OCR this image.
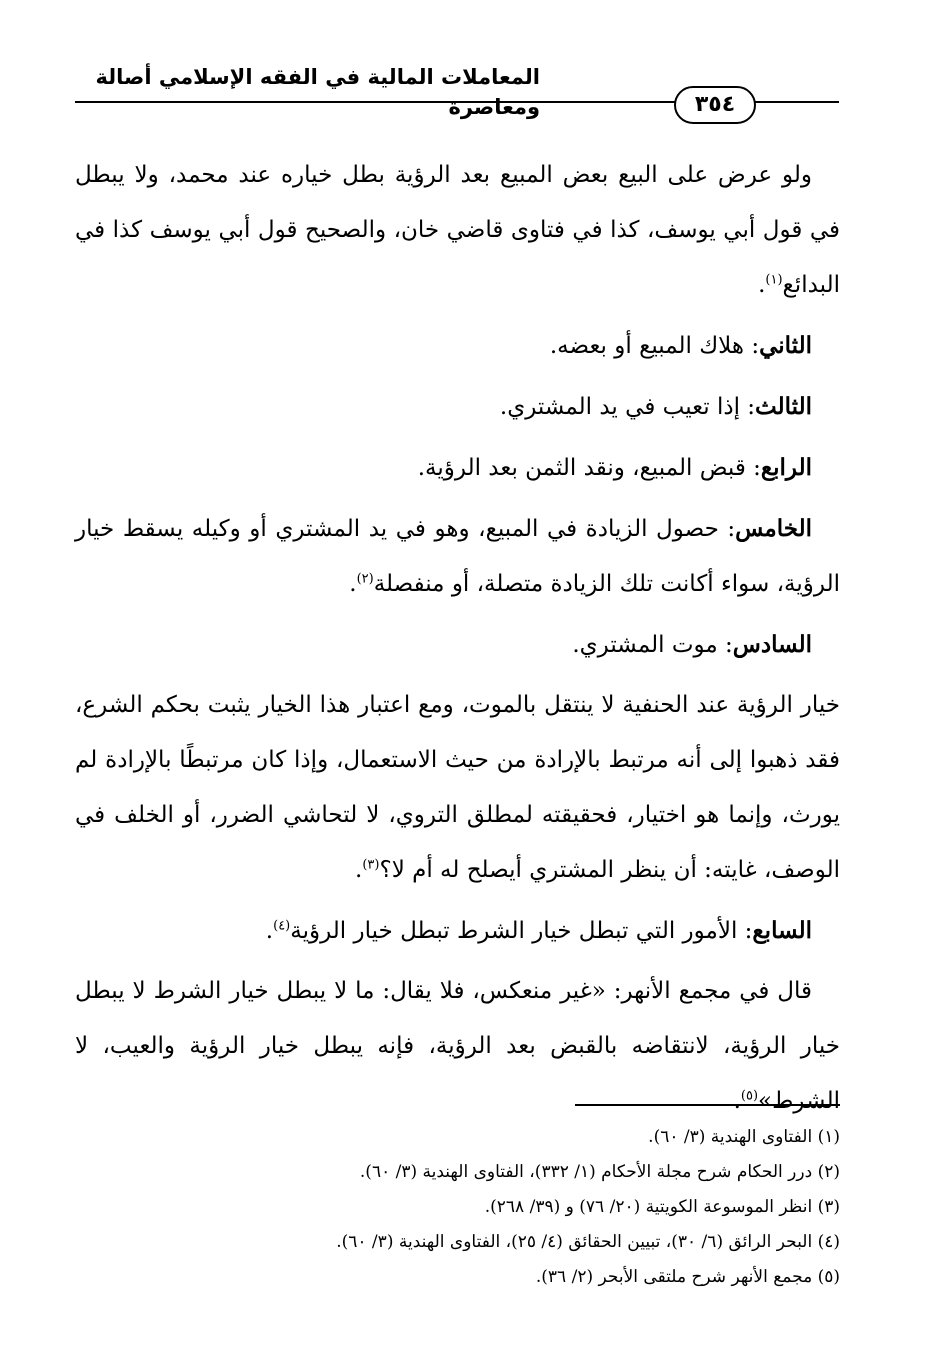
المعاملات المالية في الفقه الإسلامي أصالة ومعاصرة	٣٥٤

ولو عرض على البيع بعض المبيع بعد الرؤية بطل خياره عند محمد، ولا يبطل في قول أبي يوسف، كذا في فتاوى قاضي خان، والصحيح قول أبي يوسف كذا في البدائع$^{(١)}$.

الثاني: هلاك المبيع أو بعضه.

الثالث: إذا تعيب في يد المشتري.

الرابع: قبض المبيع، ونقد الثمن بعد الرؤية.

الخامس: حصول الزيادة في المبيع، وهو في يد المشتري أو وكيله يسقط خيار الرؤية، سواء أكانت تلك الزيادة متصلة، أو منفصلة$^{(٢)}$.

السادس: موت المشتري.

خيار الرؤية عند الحنفية لا ينتقل بالموت، ومع اعتبار هذا الخيار يثبت بحكم الشرع، فقد ذهبوا إلى أنه مرتبط بالإرادة من حيث الاستعمال، وإذا كان مرتبطًا بالإرادة لم يورث، وإنما هو اختيار، فحقيقته لمطلق التروي، لا لتحاشي الضرر، أو الخلف في الوصف، غايته: أن ينظر المشتري أيصلح له أم لا؟$^{(٣)}$.

السابع: الأمور التي تبطل خيار الشرط تبطل خيار الرؤية$^{(٤)}$.

قال في مجمع الأنهر: «غير منعكس، فلا يقال: ما لا يبطل خيار الشرط لا يبطل خيار الرؤية، لانتقاضه بالقبض بعد الرؤية، فإنه يبطل خيار الرؤية والعيب، لا الشرط»$^{(٥)}$.

(١) الفتاوى الهندية (٣/ ٦٠).

(٢) درر الحكام شرح مجلة الأحكام (١/ ٣٣٢)، الفتاوى الهندية (٣/ ٦٠).

(٣) انظر الموسوعة الكويتية (٢٠/ ٧٦) و (٣٩/ ٢٦٨).

(٤) البحر الرائق (٦/ ٣٠)، تبيين الحقائق (٤/ ٢٥)، الفتاوى الهندية (٣/ ٦٠).

(٥) مجمع الأنهر شرح ملتقى الأبحر (٢/ ٣٦).
